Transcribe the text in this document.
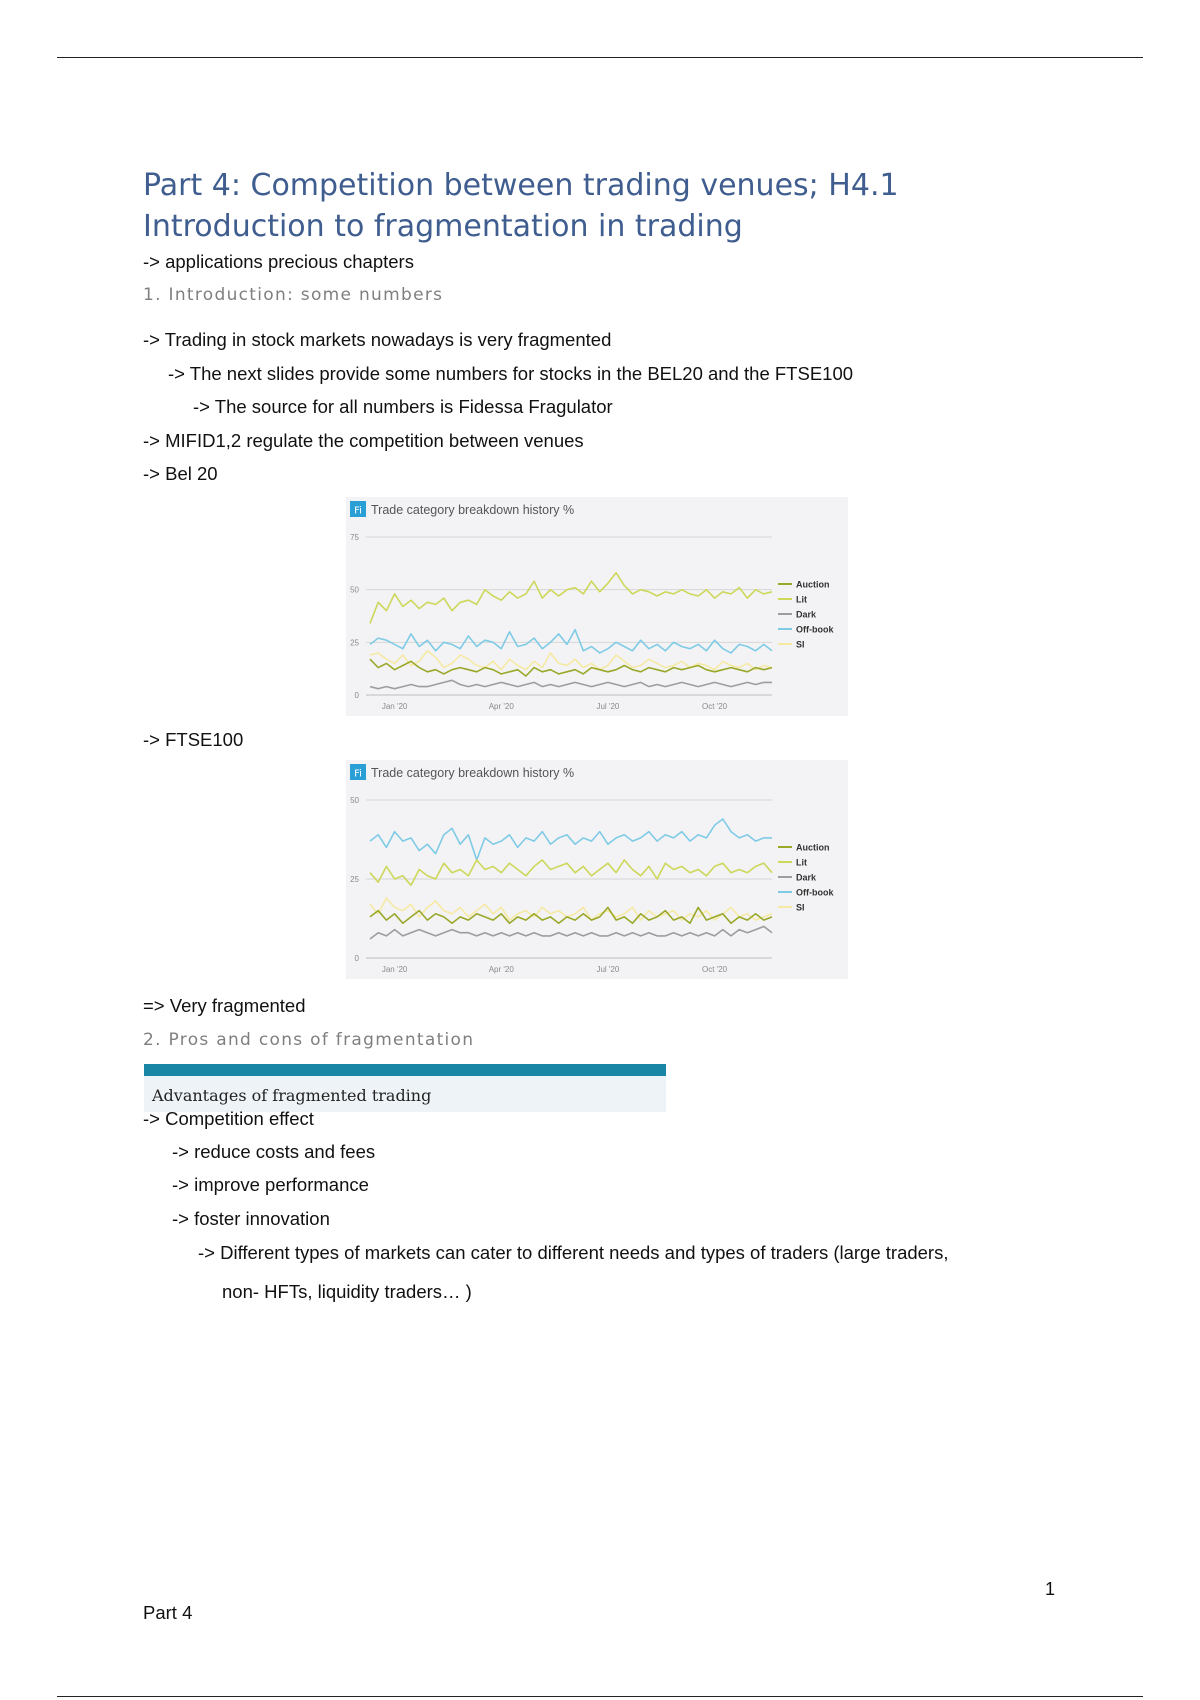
Part 4: Competition between trading venues; H4.1 Introduction to fragmentation in trading
-> applications precious chapters
1. Introduction: some numbers
-> Trading in stock markets nowadays is very fragmented
-> The next slides provide some numbers for stocks in the BEL20 and the FTSE100
-> The source for all numbers is Fidessa Fragulator
-> MIFID1,2 regulate the competition between venues
-> Bel 20
Fi Trade category breakdown history %
0
25
50
75
Jan '20	Apr '20	Jul '20	Oct '20
Auction
Lit
Dark
Off-book
SI
-> FTSE100
Fi Trade category breakdown history %
0
25
50
Jan '20	Apr '20	Jul '20	Oct '20
Auction
Lit
Dark
Off-book
SI
=> Very fragmented
2. Pros and cons of fragmentation
Advantages of fragmented trading
-> Competition effect
-> reduce costs and fees
-> improve performance
-> foster innovation
-> Different types of markets can cater to different needs and types of traders (large traders,
non- HFTs, liquidity traders… )
1
Part 4
